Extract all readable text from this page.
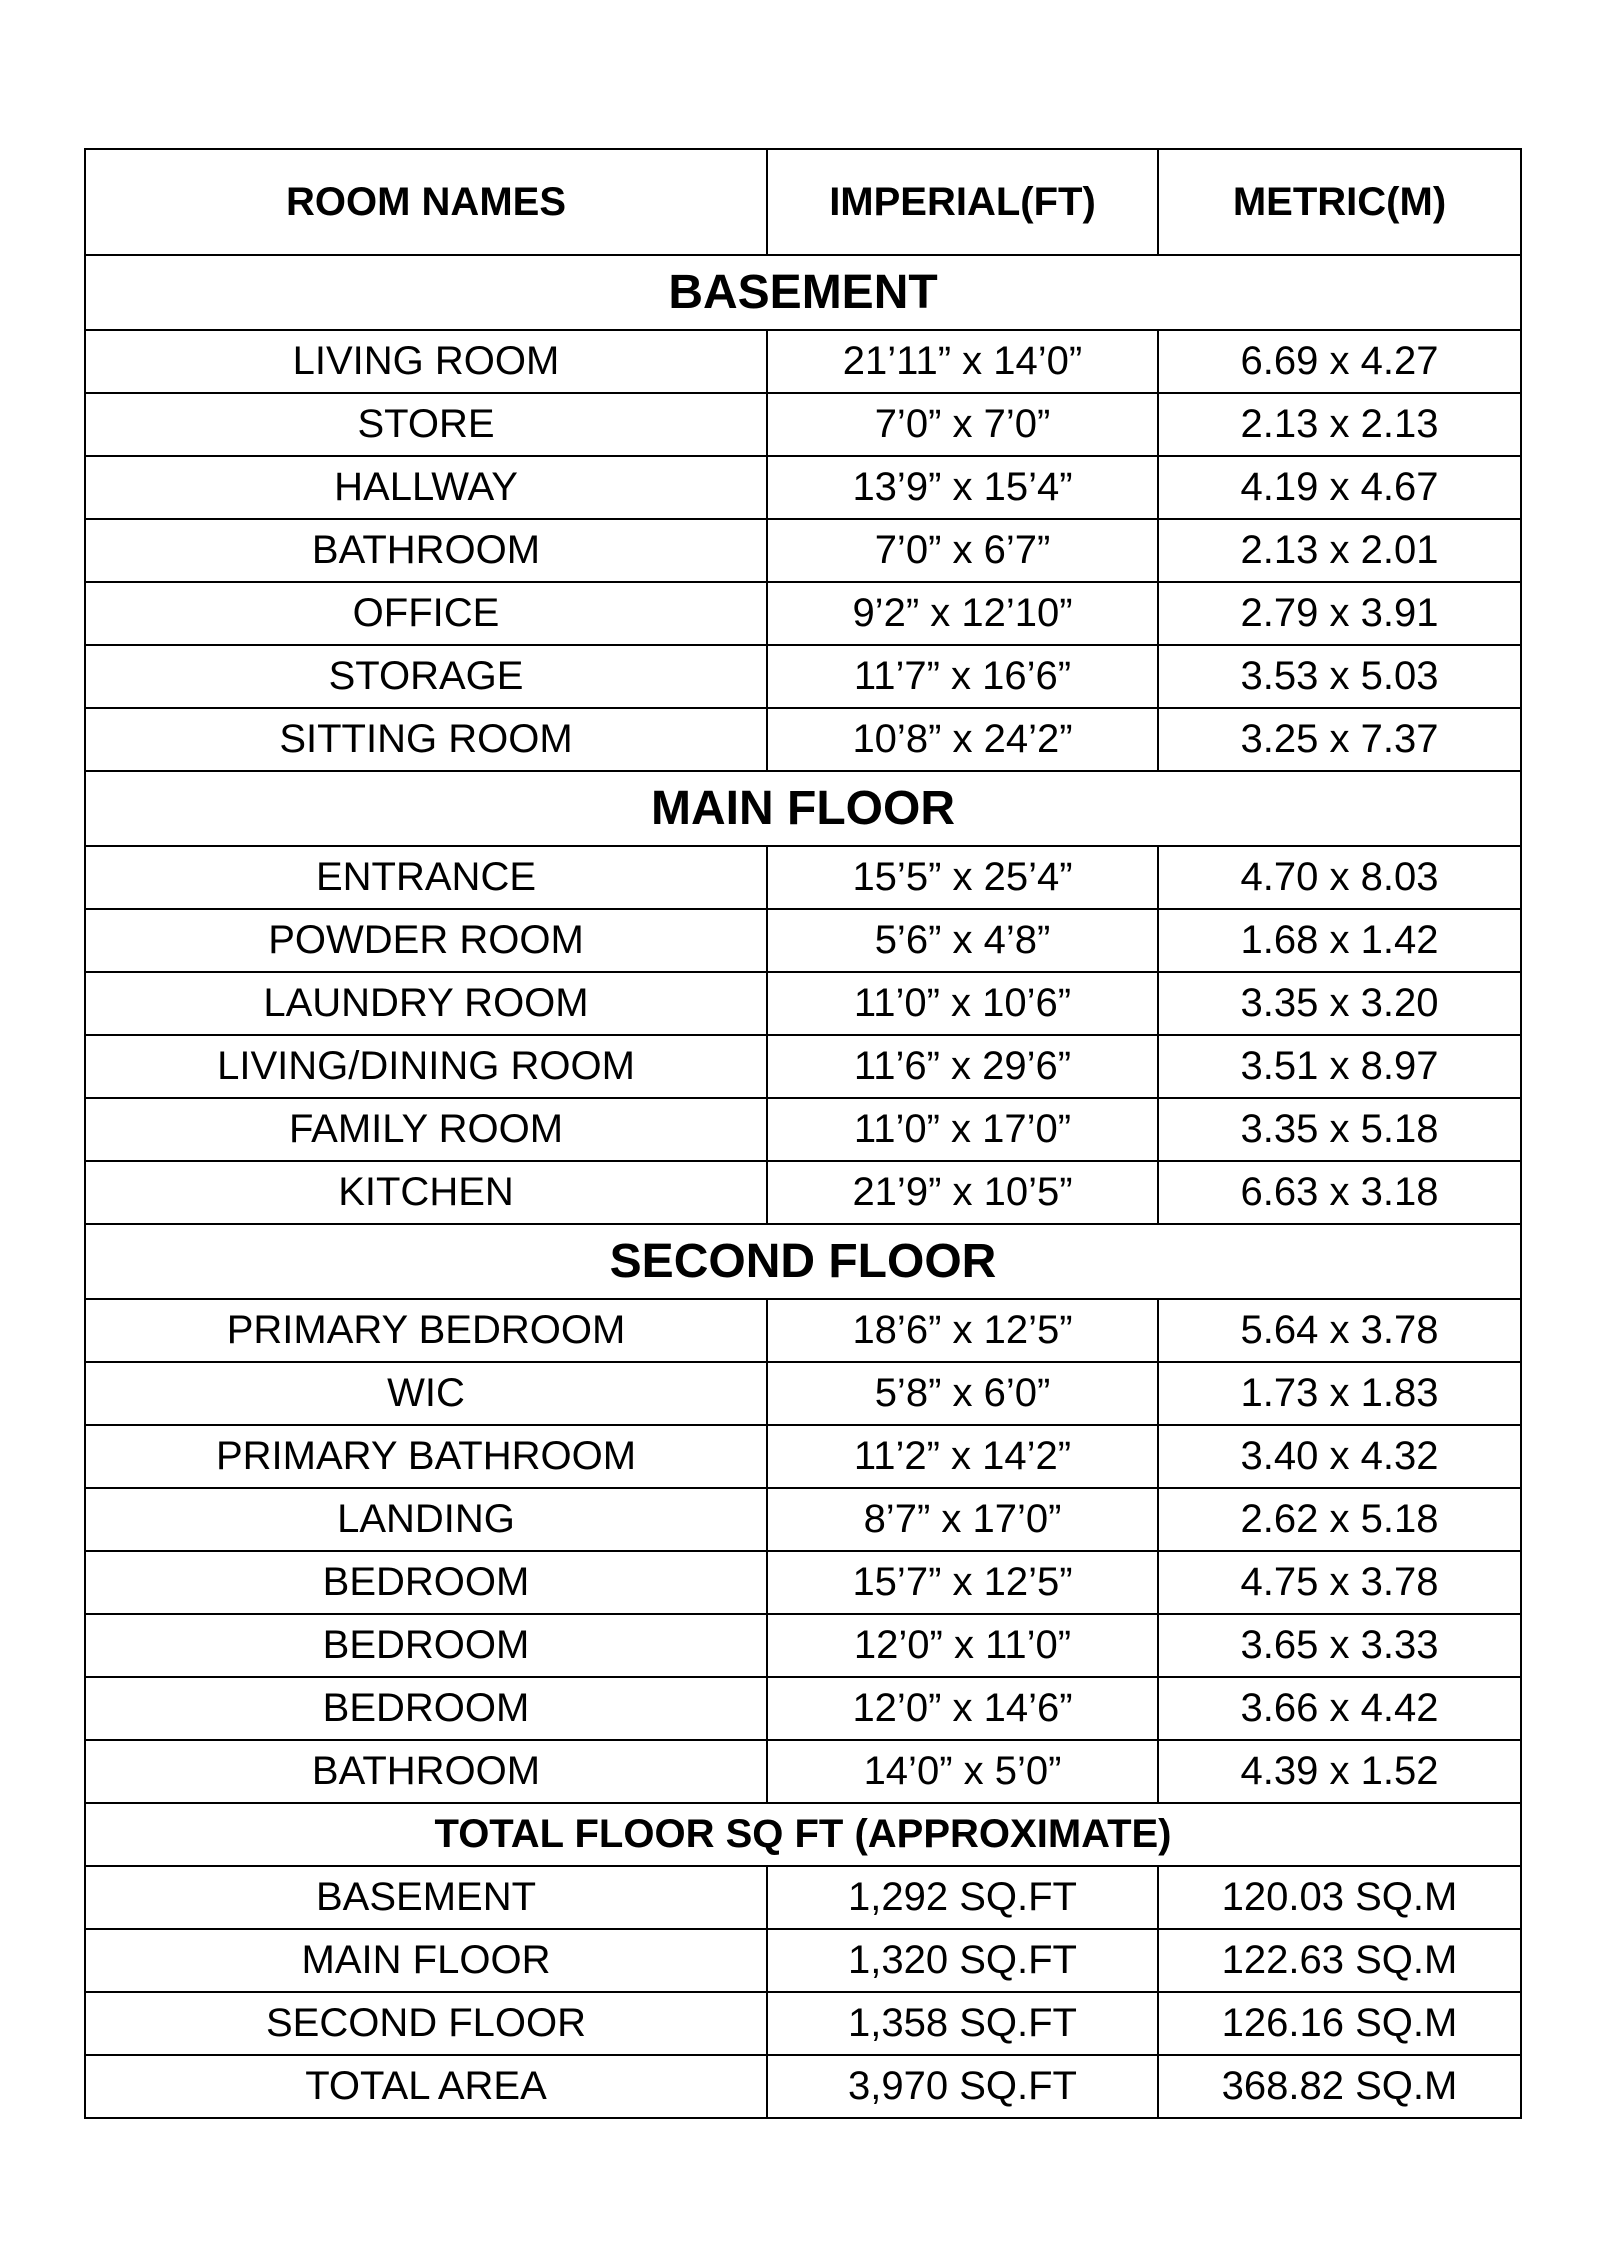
ROOM NAMES	IMPERIAL(FT)	METRIC(M)
BASEMENT		
LIVING ROOM	21’11” x 14’0”	6.69 x 4.27
STORE	7’0” x 7’0”	2.13 x 2.13
HALLWAY	13’9” x 15’4”	4.19 x 4.67
BATHROOM	7’0” x 6’7”	2.13 x 2.01
OFFICE	9’2” x 12’10”	2.79 x 3.91
STORAGE	11’7” x 16’6”	3.53 x 5.03
SITTING ROOM	10’8” x 24’2”	3.25 x 7.37
MAIN FLOOR		
ENTRANCE	15’5” x 25’4”	4.70 x 8.03
POWDER ROOM	5’6” x 4’8”	1.68 x 1.42
LAUNDRY ROOM	11’0” x 10’6”	3.35 x 3.20
LIVING/DINING ROOM	11’6” x 29’6”	3.51 x 8.97
FAMILY ROOM	11’0” x 17’0”	3.35 x 5.18
KITCHEN	21’9” x 10’5”	6.63 x 3.18
SECOND FLOOR		
PRIMARY BEDROOM	18’6” x 12’5”	5.64 x 3.78
WIC	5’8” x 6’0”	1.73 x 1.83
PRIMARY BATHROOM	11’2” x 14’2”	3.40 x 4.32
LANDING	8’7” x 17’0”	2.62 x 5.18
BEDROOM	15’7” x 12’5”	4.75 x 3.78
BEDROOM	12’0” x 11’0”	3.65 x 3.33
BEDROOM	12’0” x 14’6”	3.66 x 4.42
BATHROOM	14’0” x 5’0”	4.39 x 1.52
TOTAL FLOOR SQ FT (APPROXIMATE)		
BASEMENT	1,292 SQ.FT	120.03 SQ.M
MAIN FLOOR	1,320 SQ.FT	122.63 SQ.M
SECOND FLOOR	1,358 SQ.FT	126.16 SQ.M
TOTAL AREA	3,970 SQ.FT	368.82 SQ.M
